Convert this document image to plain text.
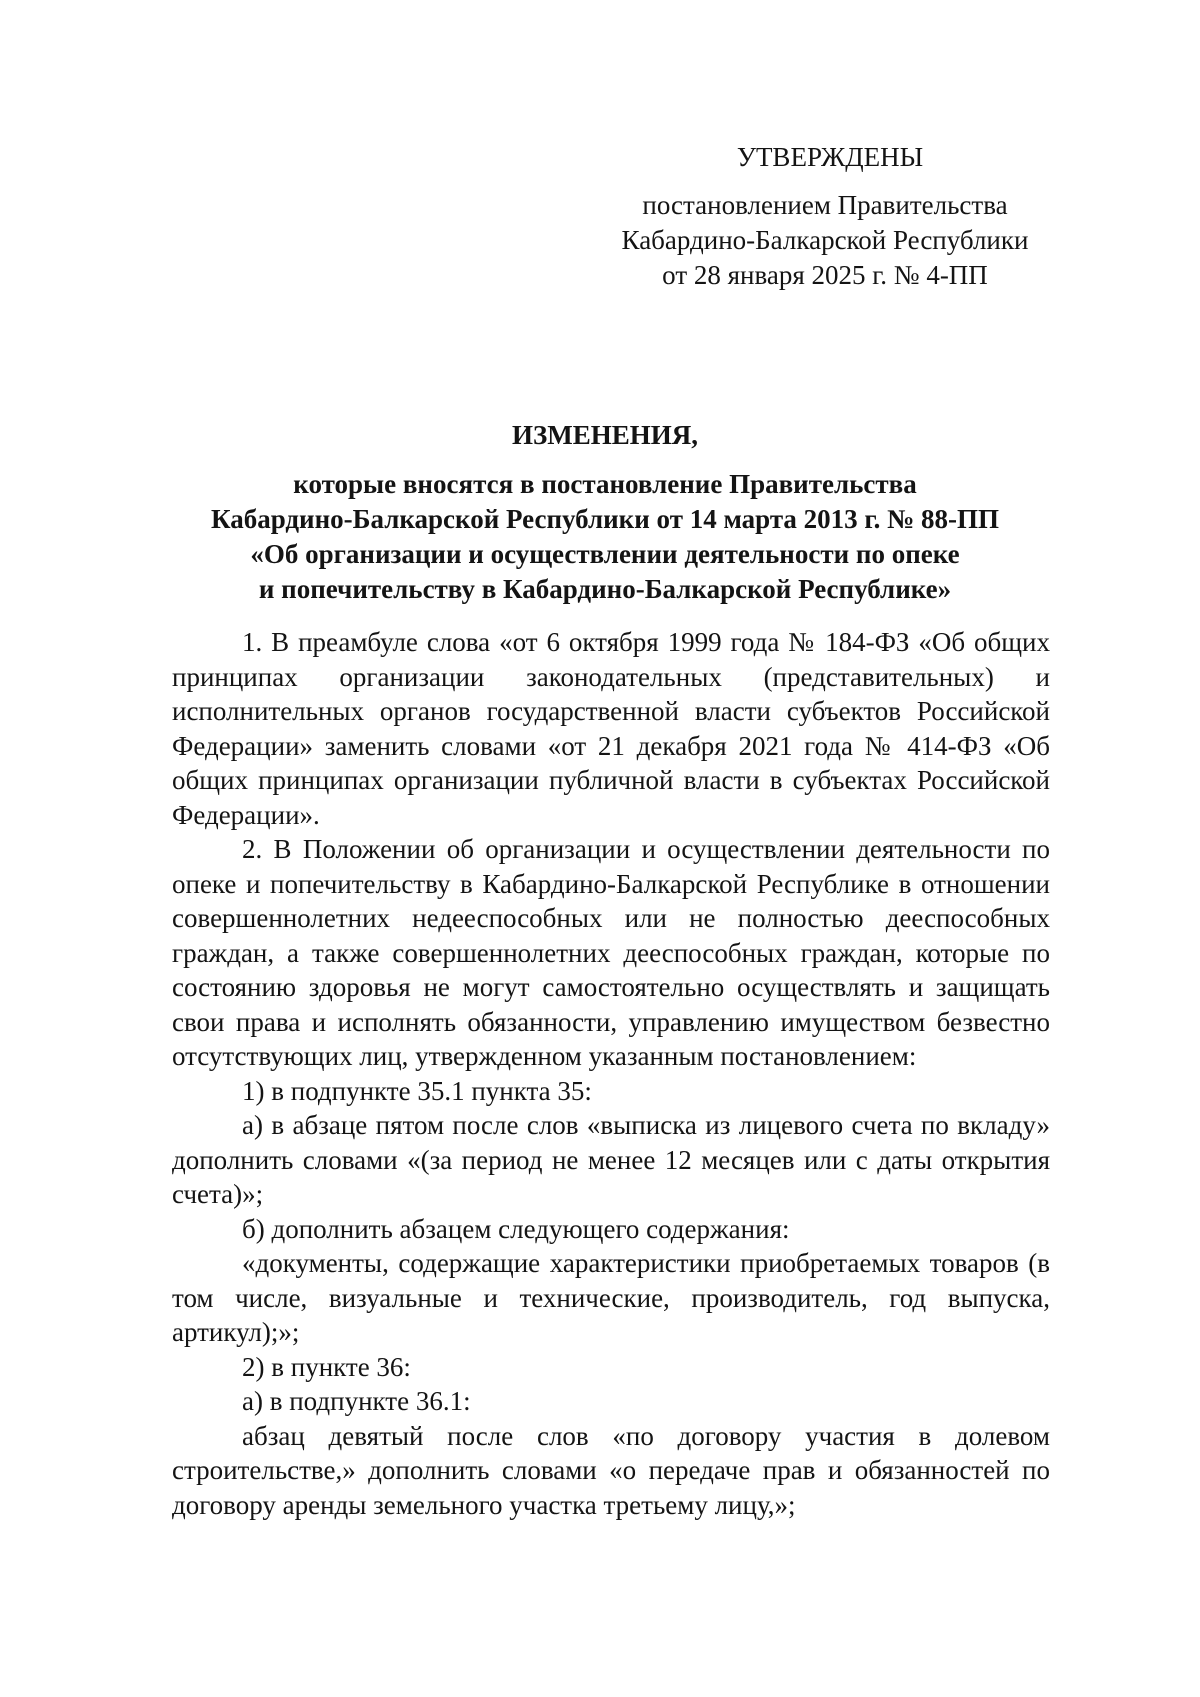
УТВЕРЖДЕНЫ
постановлением Правительства
Кабардино-Балкарской Республики
от 28 января 2025 г. № 4-ПП
ИЗМЕНЕНИЯ,
которые вносятся в постановление Правительства
Кабардино-Балкарской Республики от 14 марта 2013 г. № 88-ПП
«Об организации и осуществлении деятельности по опеке
и попечительству в Кабардино-Балкарской Республике»

1. В преамбуле слова «от 6 октября 1999 года № 184-ФЗ «Об общих принципах организации законодательных (представительных) и исполнительных органов государственной власти субъектов Российской Федерации» заменить словами «от 21 декабря 2021 года № 414-ФЗ «Об общих принципах организации публичной власти в субъектах Российской Федерации».

2. В Положении об организации и осуществлении деятельности по опеке и попечительству в Кабардино-Балкарской Республике в отношении совершеннолетних недееспособных или не полностью дееспособных граждан, а также совершеннолетних дееспособных граждан, которые по состоянию здоровья не могут самостоятельно осуществлять и защищать свои права и исполнять обязанности, управлению имуществом безвестно отсутствующих лиц, утвержденном указанным постановлением:

1) в подпункте 35.1 пункта 35:

а) в абзаце пятом после слов «выписка из лицевого счета по вкладу» дополнить словами «(за период не менее 12 месяцев или с даты открытия счета)»;

б) дополнить абзацем следующего содержания:

«документы, содержащие характеристики приобретаемых товаров (в том числе, визуальные и технические, производитель, год выпуска, артикул);»;

2) в пункте 36:

а) в подпункте 36.1:

абзац девятый после слов «по договору участия в долевом строительстве,» дополнить словами «о передаче прав и обязанностей по договору аренды земельного участка третьему лицу,»;
